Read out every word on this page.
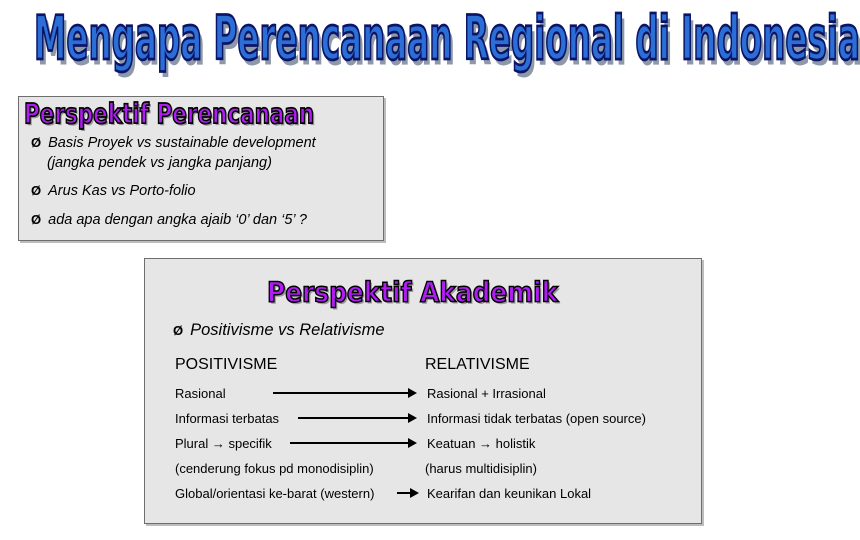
Mengapa Perencanaan Regional di Indonesia
Perspektif Perencanaan
Ø Basis Proyek vs sustainable development
(jangka pendek vs jangka panjang)
Ø Arus Kas vs Porto-folio
Ø ada apa dengan angka ajaib ‘0’ dan ‘5’ ?
Perspektif Akademik
Ø Positivisme vs Relativisme
POSITIVISME	RELATIVISME
Rasional	Rasional + Irrasional
Informasi terbatas	Informasi tidak terbatas (open source)
Plural → specifik	Keatuan → holistik
(cenderung fokus pd monodisiplin)	(harus multidisiplin)
Global/orientasi ke-barat (western)	Kearifan dan keunikan Lokal
